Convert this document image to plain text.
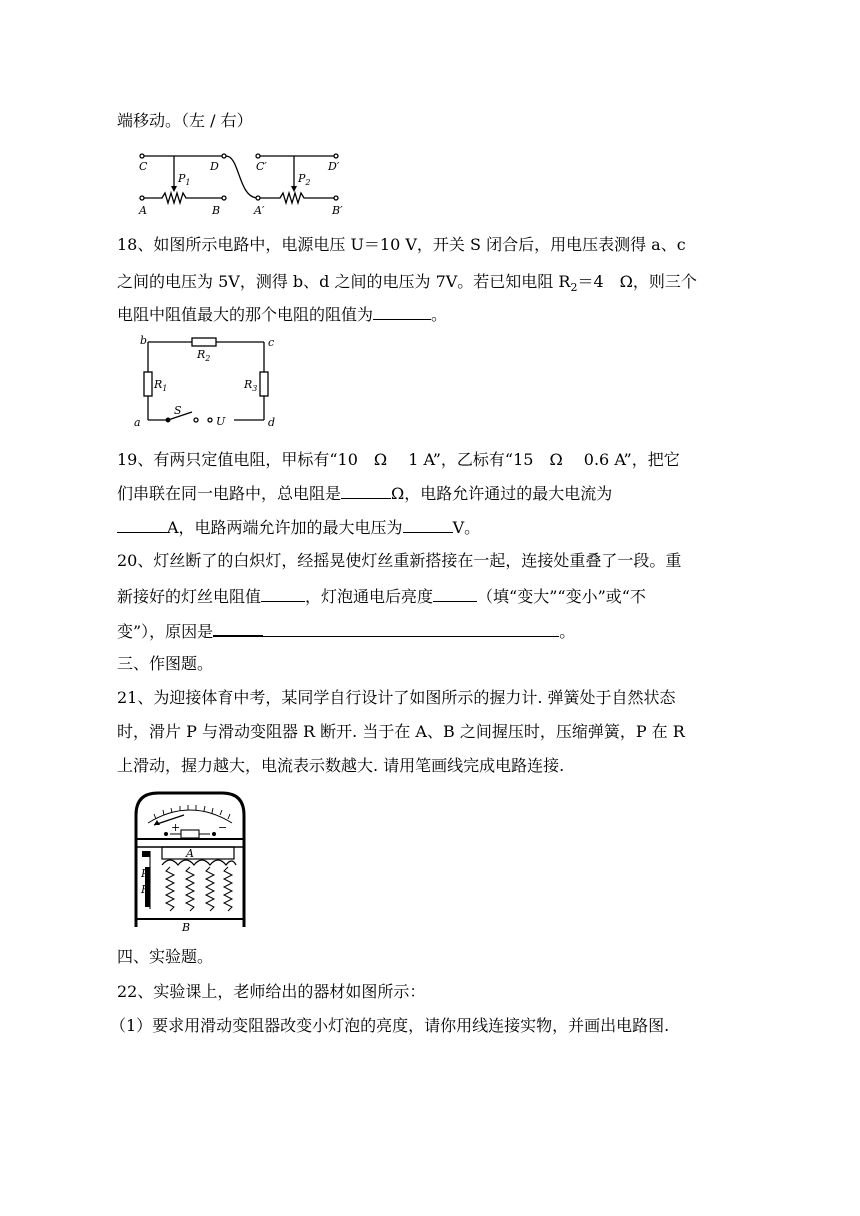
端移动。（左 / 右）
C	D	C′	D′
A	B	A′	B′
$P_1$	$P_2$
18、如图所示电路中，电源电压 U＝10 V，开关 S 闭合后，用电压表测得 a、c
之间的电压为 5V，测得 b、d 之间的电压为 7V。若已知电阻 $R_2=4$　Ω，则三个
电阻中阻值最大的那个电阻的阻值为	。
b	c
a	d
S
U
$R_2$
$R_1$	$R_3$
19、有两只定值电阻，甲标有“10　Ω　 1 A”，乙标有“15　Ω　 0.6 A”，把它
们串联在同一电路中，总电阻是	Ω，电路允许通过的最大电流为
A，电路两端允许加的最大电压为	V。
20、灯丝断了的白炽灯，经摇晃使灯丝重新搭接在一起，连接处重叠了一段。重
新接好的灯丝电阻值	，灯泡通电后亮度	（填“变大”“变小”或“不
变”），原因是	。
三、作图题。
21、为迎接体育中考，某同学自行设计了如图所示的握力计. 弹簧处于自然状态
时，滑片 P 与滑动变阻器 R 断开. 当于在 A、B 之间握压时，压缩弹簧，P 在 R
上滑动，握力越大，电流表示数越大. 请用笔画线完成电路连接.
+	−
A
B
P
R
四、实验题。
22、实验课上，老师给出的器材如图所示：
（1）要求用滑动变阻器改变小灯泡的亮度，请你用线连接实物，并画出电路图.
